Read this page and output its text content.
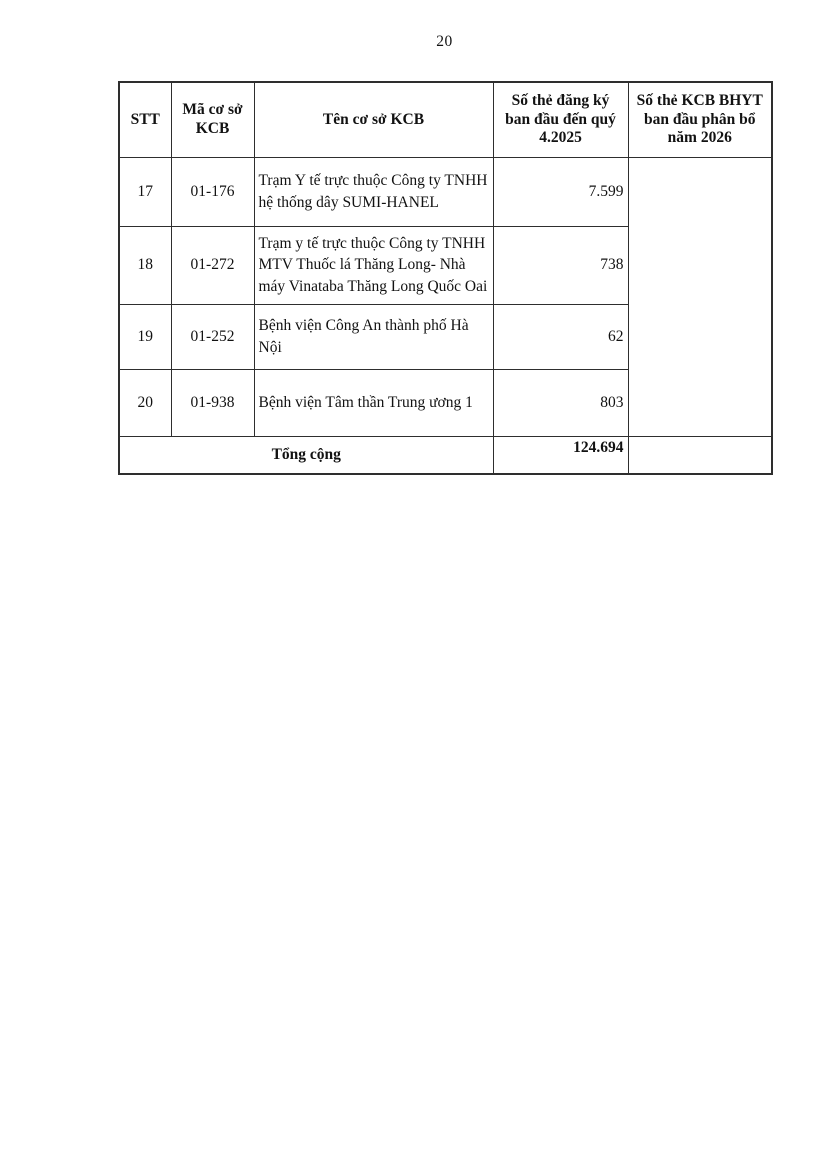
20
STT	Mã cơ sở KCB	Tên cơ sở KCB	Số thẻ đăng ký ban đầu đến quý 4.2025	Số thẻ KCB BHYT ban đầu phân bổ năm 2026
17	01-176	Trạm Y tế trực thuộc Công ty TNHH hệ thống dây SUMI-HANEL	7.599	
18	01-272	Trạm y tế trực thuộc Công ty TNHH MTV Thuốc lá Thăng Long- Nhà máy Vinataba Thăng Long Quốc Oai	738	
19	01-252	Bệnh viện Công An thành phố Hà Nội	62	
20	01-938	Bệnh viện Tâm thần Trung ương 1	803	
Tổng cộng			124.694	
